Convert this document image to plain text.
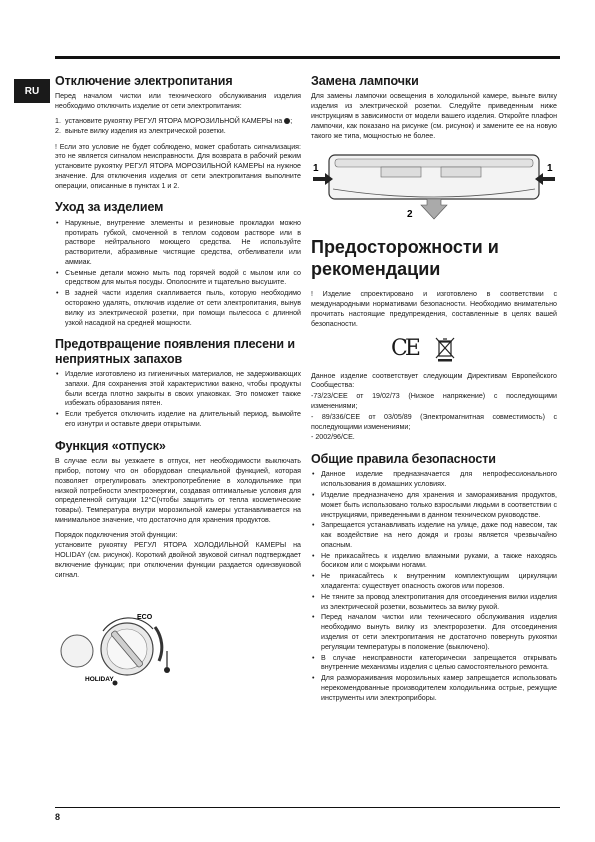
RU
Отключение электропитания

Перед началом чистки или технического обслуживания изделия необходимо отключить изделие от сети электропитания:

1. установите рукоятку РЕГУЛ ЯТОРА МОРОЗИЛЬНОЙ КАМЕРЫ на ;
2. выньте вилку изделия из электрической розетки.

! Если это условие не будет соблюдено, может сработать сигнализация: это не является сигналом неисправности. Для возврата в рабочий режим установите рукоятку РЕГУЛ ЯТОРА МОРОЗИЛЬНОЙ КАМЕРЫ на нужное значение. Для отключения изделия от сети электропитания выполните операции, описанные в пунктах 1 и 2.

Уход за изделием
• Наружные, внутренние элементы и резиновые прокладки можно протирать губкой, смоченной в теплом содовом растворе или в растворе нейтрального моющего средства. Не используйте растворители, абразивные чистящие средства, отбеливатели или аммиак.
• Съемные детали можно мыть под горячей водой с мылом или со средством для мытья посуды. Ополосните и тщательно высушите.
• В задней части изделия скапливается пыль, которую необходимо осторожно удалять, отключив изделие от сети электропитания, вынув вилку из электрической розетки, при помощи пылесоса с длинной узкой насадкой на средней мощности.
Предотвращение появления плесени и неприятных запахов
• Изделие изготовлено из гигиеничных материалов, не задерживающих запахи. Для сохранения этой характеристики важно, чтобы продукты были всегда плотно закрыты в своих упаковках. Это поможет также избежать образования пятен.
• Если требуется отключить изделие на длительный период, вымойте его изнутри и оставьте двери открытыми.
Функция «отпуск»

В случае если вы уезжаете в отпуск, нет необходимости выключать прибор, потому что он оборудован специальной функцией, которая позволяет отрегулировать электропотребление в холодильнике при низкой потребности электроэнергии, создавая оптимальные условия для определенной ситуации 12°С(чтобы защитить от тепла косметические товары). Температура внутри морозильной камеры устанавливается на минимальное значение, что достаточно для хранения продуктов.

Порядок подключения этой функции:

установите рукоятку РЕГУЛ ЯТОРА ХОЛОДИЛЬНОЙ КАМЕРЫ на HOLIDAY (см. рисунок). Короткий двойной звуковой сигнал подтверждает включение функции; при отключении функции раздается одинзвуковой сигнал.

ECO
HOLIDAY
Замена лампочки

Для замены лампочки освещения в холодильной камере, выньте вилку изделия из электрической розетки. Следуйте приведенным ниже инструкциям в зависимости от модели вашего изделия. Откройте плафон лампочки, как показано на рисунке (см. рисунок) и замените ее на новую такого же типа, мощностью не более.

1	1
2
Предосторожности и рекомендации

! Изделие спроектировано и изготовлено в соответствии с международными нормативами безопасности. Необходимо внимательно прочитать настоящие предупреждения, составленные в целях вашей безопасности.

CE

Данное изделие соответствует следующим Директивам Европейского Сообщества:

-73/23/CEE от 19/02/73 (Низкое напряжение) с последующими изменениями;

- 89/336/CEE от 03/05/89 (Электромагнитная совместимость) с последующими изменениями;

- 2002/96/CE.

Общие правила безопасности
• Данное изделие предназначается для непрофессионального использования в домашних условиях.
• Изделие предназначено для хранения и замораживания продуктов, может быть использовано только взрослыми людьми в соответствии с инструкциями, приведенными в данном техническом руководстве.
• Запрещается устанавливать изделие на улице, даже под навесом, так как воздействие на него дождя и грозы является чрезвычайно опасным.
• Не прикасайтесь к изделию влажными руками, а также находясь босиком или с мокрыми ногами.
• Не прикасайтесь к внутренним комплектующим циркуляции хладагента: существует опасность ожогов или порезов.
• Не тяните за провод электропитания для отсоединения вилки изделия из электрической розетки, возьмитесь за вилку рукой.
• Перед началом чистки или технического обслуживания изделия необходимо вынуть вилку из электророзетки. Для отсоединения изделия от сети электропитания не достаточно повернуть рукоятки регуляции температуры в положение (выключено).
• В случае неисправности категорически запрещается открывать внутренние механизмы изделия с целью самостоятельного ремонта.
• Для размораживания морозильных камер запрещается использовать нерекомендованные производителем холодильника острые, режущие инструменты или электроприборы.
8
